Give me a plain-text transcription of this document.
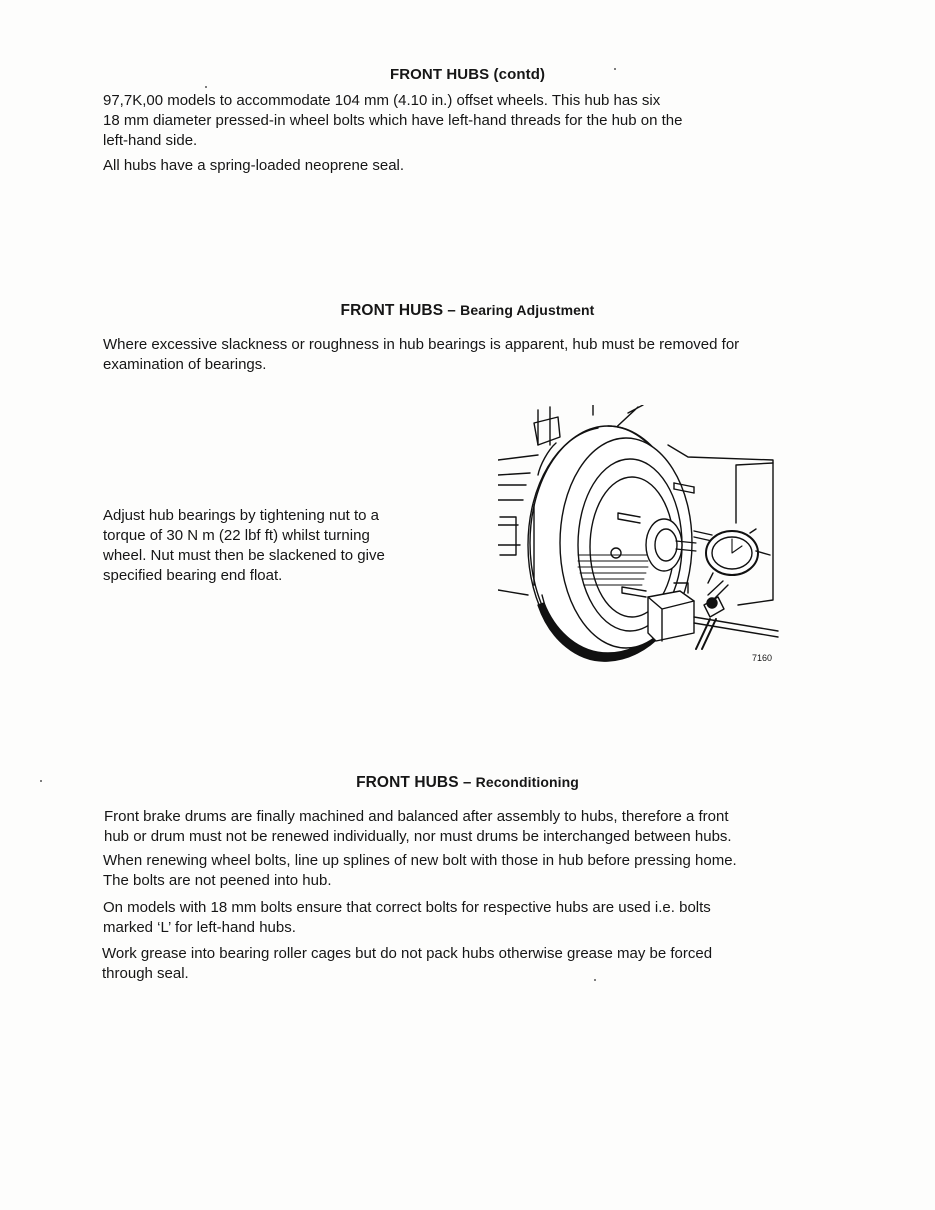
FRONT HUBS (contd)

97,7K,00 models to accommodate 104 mm (4.10 in.) offset wheels. This hub has six
18 mm diameter pressed-in wheel bolts which have left-hand threads for the hub on the
left-hand side.

All hubs have a spring-loaded neoprene seal.

FRONT HUBS – Bearing Adjustment

Where excessive slackness or roughness in hub bearings is apparent, hub must be removed for
examination of bearings.

Adjust hub bearings by tightening nut to a
torque of 30 N m (22 lbf ft) whilst turning
wheel. Nut must then be slackened to give
specified bearing end float.

7160
FRONT HUBS – Reconditioning

Front brake drums are finally machined and balanced after assembly to hubs, therefore a front
hub or drum must not be renewed individually, nor must drums be interchanged between hubs.

When renewing wheel bolts, line up splines of new bolt with those in hub before pressing home.
The bolts are not peened into hub.

On models with 18 mm bolts ensure that correct bolts for respective hubs are used i.e. bolts
marked ‘L’ for left-hand hubs.

Work grease into bearing roller cages but do not pack hubs otherwise grease may be forced
through seal.
